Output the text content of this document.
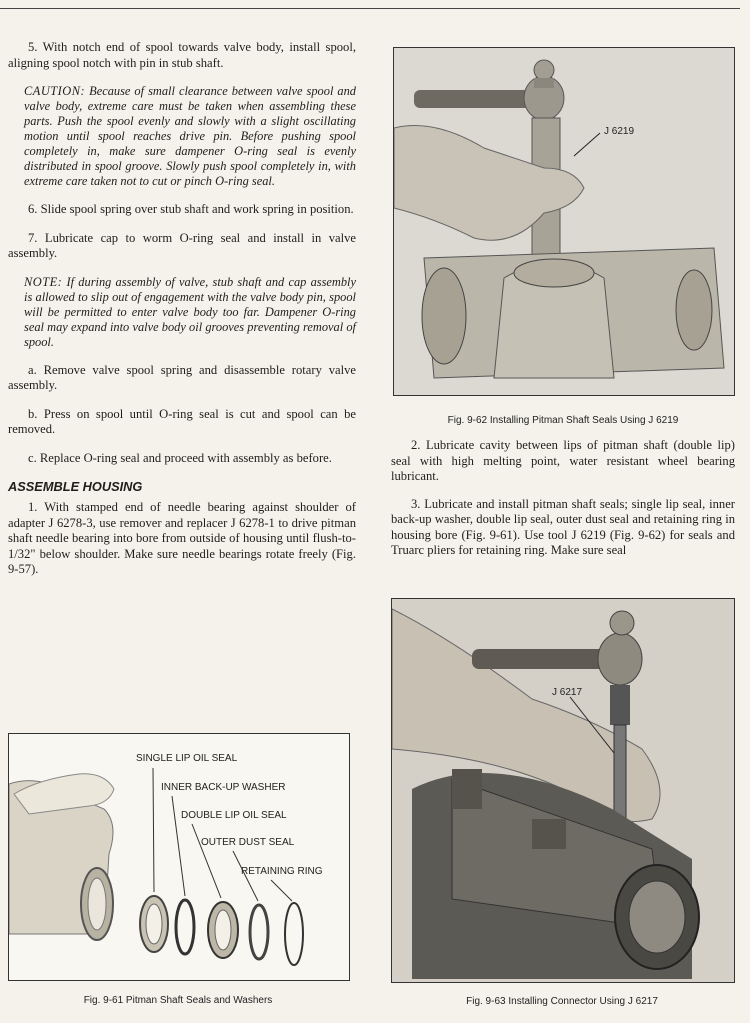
5. With notch end of spool towards valve body, install spool, aligning spool notch with pin in stub shaft.

CAUTION: Because of small clearance between valve spool and valve body, extreme care must be taken when assembling these parts. Push the spool evenly and slowly with a slight oscillating motion until spool reaches drive pin. Before pushing spool completely in, make sure dampener O-ring seal is evenly distributed in spool groove. Slowly push spool completely in, with extreme care taken not to cut or pinch O-ring seal.

6. Slide spool spring over stub shaft and work spring in position.

7. Lubricate cap to worm O-ring seal and install in valve assembly.

NOTE: If during assembly of valve, stub shaft and cap assembly is allowed to slip out of engagement with the valve body pin, spool will be permitted to enter valve body too far. Dampener O-ring seal may expand into valve body oil grooves preventing removal of spool.

a. Remove valve spool spring and disassemble rotary valve assembly.

b. Press on spool until O-ring seal is cut and spool can be removed.

c. Replace O-ring seal and proceed with assembly as before.

ASSEMBLE HOUSING

1. With stamped end of needle bearing against shoulder of adapter J 6278-3, use remover and replacer J 6278-1 to drive pitman shaft needle bearing into bore from outside of housing until flush-to-1/32" below shoulder. Make sure needle bearings rotate freely (Fig. 9-57).

SINGLE LIP OIL SEAL
INNER BACK-UP WASHER
DOUBLE LIP OIL SEAL
OUTER DUST SEAL
RETAINING RING
Fig. 9-61 Pitman Shaft Seals and Washers
J 6219
Fig. 9-62 Installing Pitman Shaft Seals Using J 6219

2. Lubricate cavity between lips of pitman shaft (double lip) seal with high melting point, water resistant wheel bearing lubricant.

3. Lubricate and install pitman shaft seals; single lip seal, inner back-up washer, double lip seal, outer dust seal and retaining ring in housing bore (Fig. 9-61). Use tool J 6219 (Fig. 9-62) for seals and Truarc pliers for retaining ring. Make sure seal

J 6217
Fig. 9-63 Installing Connector Using J 6217
